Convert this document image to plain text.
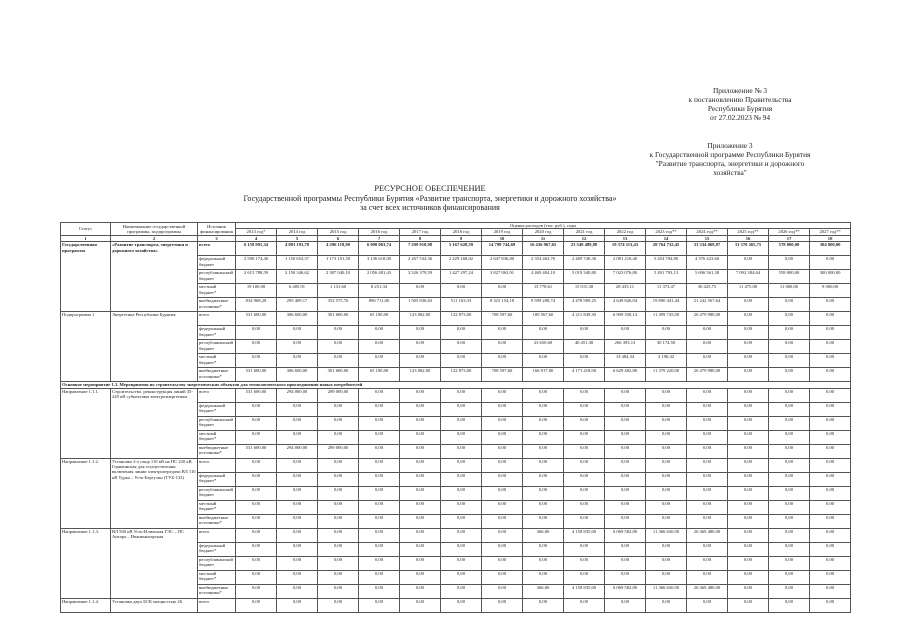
Приложение № 3
к постановлению Правительства
Республики Бурятия
от 27.02.2023 № 94
Приложение 3
к Государственной программе Республики Бурятия
"Развитие транспорта, энергетики и дорожного
хозяйства"
РЕСУРСНОЕ ОБЕСПЕЧЕНИЕ
Государственной программы Республики Бурятия «Развитие транспорта, энергетики и дорожного хозяйства»
за счет всех источников финансирования
Статус	Наименование государственной программы, подпрограммы	Источник финансирования	Оценка расходов (тыс. руб.), годы														
			2013 год*	2014 год	2015 год	2016 год	2017 год	2018 год	2019 год	2020 год	2021 год	2022 год	2023 год**	2024 год**	2025 год**	2026 год**	2027 год**
1	2	3	4	5	6	7	8	9	10	11	12	13	14	15	16	17	18
Государственная программа	«Развитие транспорта, энергетики и дорожного хозяйства»	всего	6 159 991,34	4 083 193,78	4 296 118,90	6 098 063,74	7 299 910,98	5 167 628,59	14 799 744,69	16 436 967,65	23 549 489,88	19 374 113,43	28 764 732,45	33 334 069,87	31 370 265,75	578 000,00	304 000,00
		федеральный бюджет	2 590 174,40	1 150 654,57	1 173 101,50	3 136 618,00	2 267 534,36	2 229 168,02	2 647 836,80	2 354 463,70	2 469 740,30	2 081 218,40	5 454 704,80	4 376 423,60	0,00	0,00	0,00
		республиканский бюджет	2 615 788,59	2 150 346,62	2 387 040,10	2 056 481,43	3 526 379,59	1 427 297,24	3 827 863,91	4 469 404,10	5 019 340,80	7 023 076,80	5 491 793,13	5 696 561,38	7 092 384,64	558 000,00	300 000,00
		местный бюджет*	19 100,00	6 485,91	1 131,60	8 251,34	0,00	0,00	0,00	13 778,61	15 015,38	28 435,11	11 373,47	30 425,75	11 475,00	11 000,00	9 000,00
		внебюджетные источники*	834 968,28	295 409,17	352 575,76	896 711,00	1 505 836,63	511 163,33	8 323 154,18	9 599 208,74	4 478 909,25	4 649 826,04	19 890 441,44	21 242 567,64	0,00	0,00	0,00
Подпрограмма 1	Энергетика Республики Бурятия	всего	531 600,00	306 600,00	301 600,00	65 100,00	123 082,00	122 873,00	708 597,60	189 567,60	4 211 849,30	6 909 358,14	11 499 745,00	20 479 980,00	0,00	0,00	0,00
		федеральный бюджет*	0,00	0,00	0,00	0,00	0,00	0,00	0,00	0,00	0,00	0,00	0,00	0,00	0,00	0,00	0,00
		республиканский бюджет	0,00	0,00	0,00	0,00	0,00	0,00	0,00	23 650,60	40 451,30	266 393,13	30 174,50	0,00	0,00	0,00	0,00
		местный бюджет*	0,00	0,00	0,00	0,00	0,00	0,00	0,00	0,00	0,00	13 484,34	3 190,42	0,00	0,00	0,00	0,00
		внебюджетные источники*	531 600,00	306 600,00	301 600,00	65 100,00	123 082,00	122 873,00	708 597,60	166 917,00	4 171 418,00	6 629 482,80	11 379 220,00	20 479 980,00	0,00	0,00	0,00
Основное мероприятие 1.1. Мероприятия по строительству энергетических объектов для технологического присоединения новых потребителей																	
Направление 1.1.1.	Строительство, реконструкция линий 35-220 кВ субъектами электроэнергетики	всего	531 600,00	294 000,00	289 000,00	0,00	0,00	0,00	0,00	0,00	0,00	0,00	0,00	0,00	0,00	0,00	0,00
		федеральный бюджет*	0,00	0,00	0,00	0,00	0,00	0,00	0,00	0,00	0,00	0,00	0,00	0,00	0,00	0,00	0,00
		республиканский бюджет	0,00	0,00	0,00	0,00	0,00	0,00	0,00	0,00	0,00	0,00	0,00	0,00	0,00	0,00	0,00
		местный бюджет*	0,00	0,00	0,00	0,00	0,00	0,00	0,00	0,00	0,00	0,00	0,00	0,00	0,00	0,00	0,00
		внебюджетные источники*	531 600,00	294 000,00	289 000,00	0,00	0,00	0,00	0,00	0,00	0,00	0,00	0,00	0,00	0,00	0,00	0,00
Направление 1.1.2.	Установка 2-х опор 110 кВ на ПС 220 кВ Горячинская для осуществления включения линии электропередачи ВЛ 110 кВ Турка – Усть-Баргузин (ТУБ-132)	всего	0,00	0,00	0,00	0,00	0,00	0,00	0,00	0,00	0,00	0,00	0,00	0,00	0,00	0,00	0,00
		федеральный бюджет*	0,00	0,00	0,00	0,00	0,00	0,00	0,00	0,00	0,00	0,00	0,00	0,00	0,00	0,00	0,00
		республиканский бюджет	0,00	0,00	0,00	0,00	0,00	0,00	0,00	0,00	0,00	0,00	0,00	0,00	0,00	0,00	0,00
		местный бюджет*	0,00	0,00	0,00	0,00	0,00	0,00	0,00	0,00	0,00	0,00	0,00	0,00	0,00	0,00	0,00
		внебюджетные источники*	0,00	0,00	0,00	0,00	0,00	0,00	0,00	0,00	0,00	0,00	0,00	0,00	0,00	0,00	0,00
Направление 1.1.3.	ВЛ 500 кВ Усть-Илимская ГЭС – ПС Ангара – Нижнеангарская	всего	0,00	0,00	0,00	0,00	0,00	0,00	0,00	366,00	4 158 835,00	6 069 582,80	11 366 630,00	20 469 480,00	0,00	0,00	0,00
		федеральный бюджет*	0,00	0,00	0,00	0,00	0,00	0,00	0,00	0,00	0,00	0,00	0,00	0,00	0,00	0,00	0,00
		республиканский бюджет	0,00	0,00	0,00	0,00	0,00	0,00	0,00	0,00	0,00	0,00	0,00	0,00	0,00	0,00	0,00
		местный бюджет*	0,00	0,00	0,00	0,00	0,00	0,00	0,00	0,00	0,00	0,00	0,00	0,00	0,00	0,00	0,00
		внебюджетные источники*	0,00	0,00	0,00	0,00	0,00	0,00	0,00	366,00	4 158 835,00	6 069 582,80	11 366 630,00	20 469 480,00	0,00	0,00	0,00
Направление 1.1.4.	Установка двух БСК мощностью 26	всего	0,00	0,00	0,00	0,00	0,00	0,00	0,00	0,00	0,00	0,00	0,00	0,00	0,00	0,00	0,00
